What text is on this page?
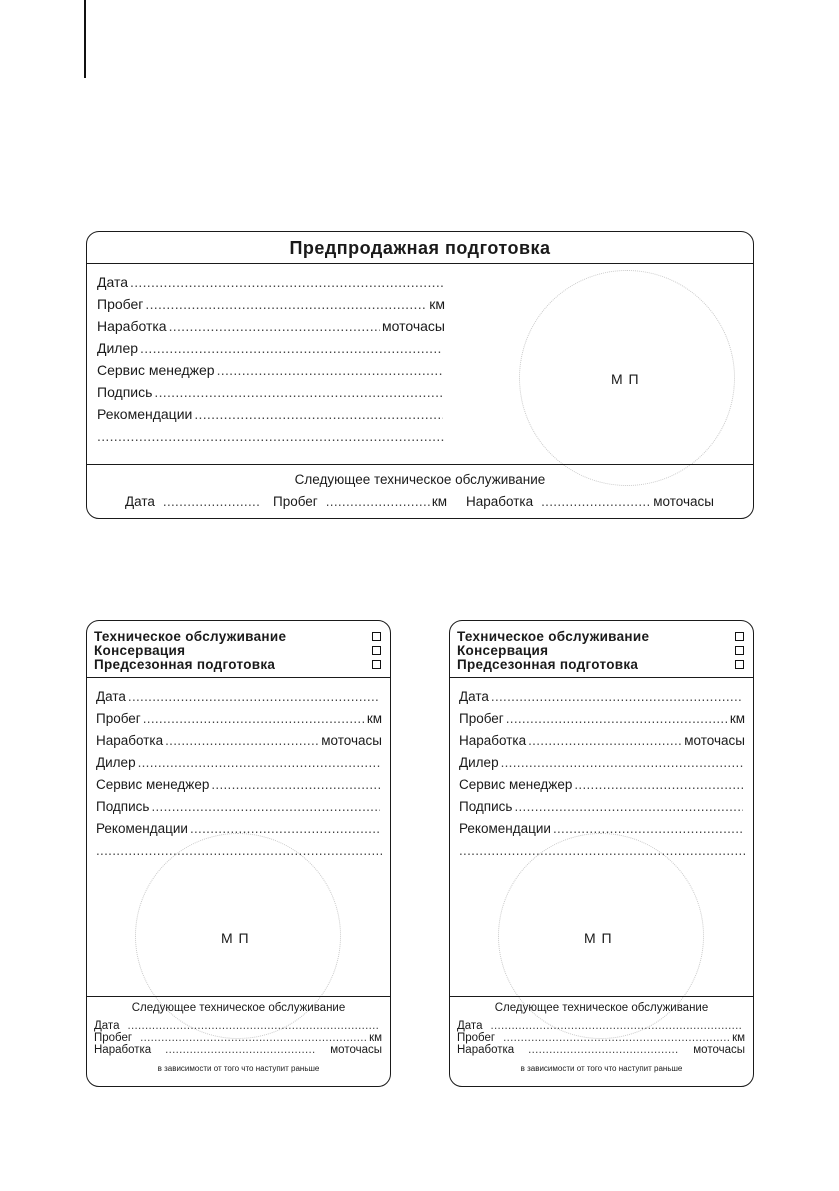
Предпродажная подготовка
М П
Дата
.....
Пробег .....	км
Наработка .....	моточасы
Дилер
.....
Сервис менеджер
.....
Подпись
.....
Рекомендации
.....
.....
Следующее техническое обслуживание
Дата .....	Пробег .....	км Наработка .....	моточасы
Техническое обслуживание
Консервация
Предсезонная подготовка
М П
Дата
.....
Пробег .....	км
Наработка .....	моточасы
Дилер
.....
Сервис менеджер
.....
Подпись
.....
Рекомендации
.....
.....
Следующее техническое обслуживание
Дата
.....
Пробег .....	км
Наработка .....	моточасы
в зависимости от того что наступит раньше
Техническое обслуживание
Консервация
Предсезонная подготовка
М П
Дата
.....
Пробег .....	км
Наработка .....	моточасы
Дилер
.....
Сервис менеджер
.....
Подпись
.....
Рекомендации
.....
.....
Следующее техническое обслуживание
Дата
.....
Пробег .....	км
Наработка .....	моточасы
в зависимости от того что наступит раньше
